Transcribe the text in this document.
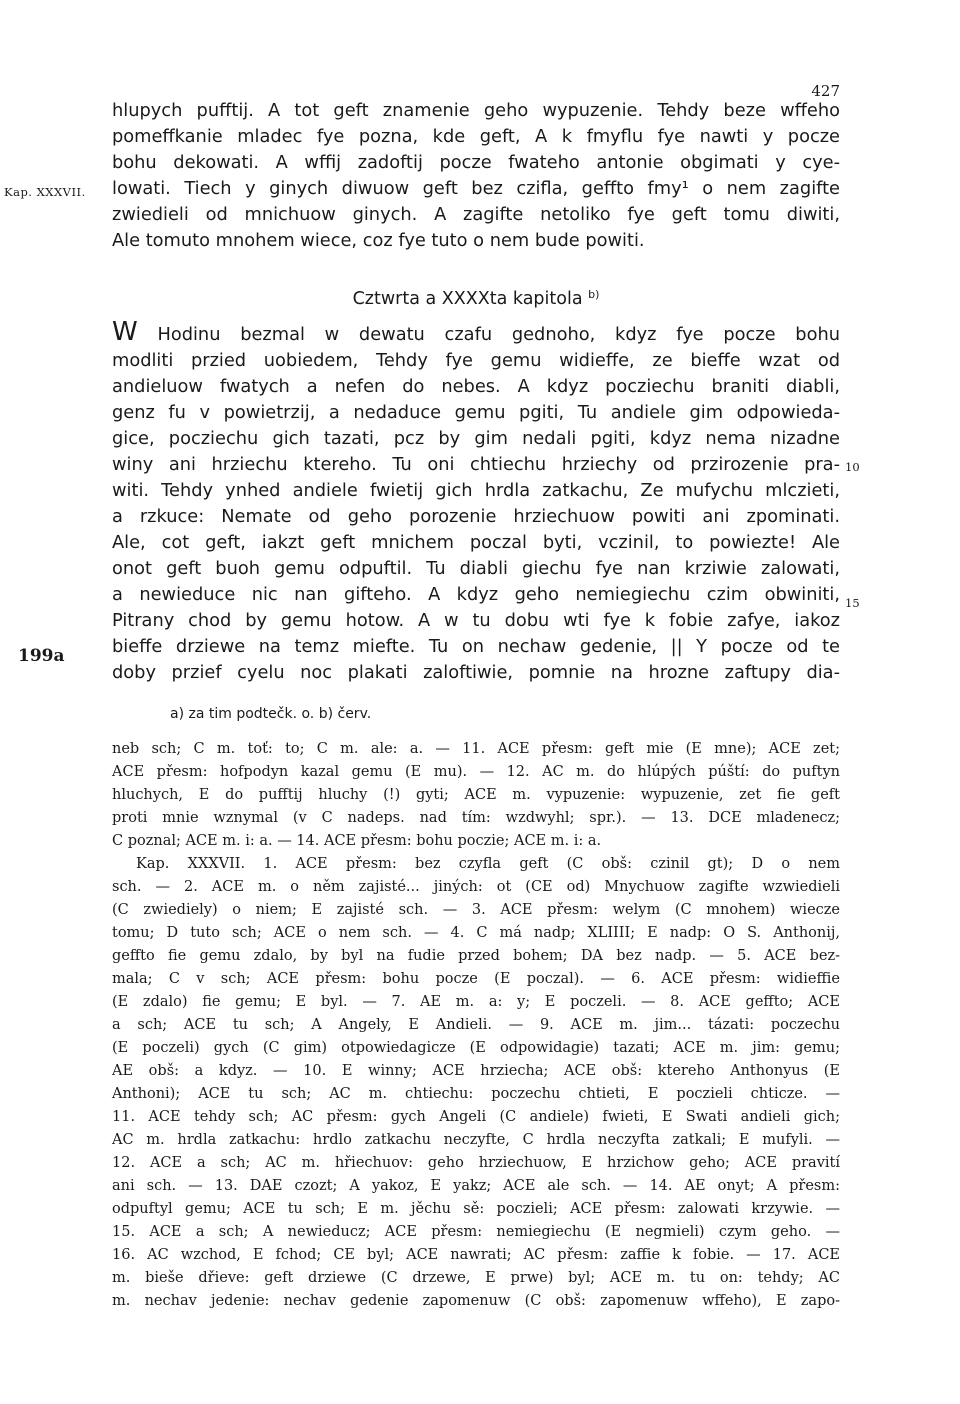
427
Kap. XXXVII.
10
15
199a
hlupych pufftij. A tot geft znamenie geho wypuzenie. Tehdy beze wffeho
pomeffkanie mladec fye pozna, kde geft, A k fmyflu fye nawti y pocze
bohu dekowati. A wffij zadoftij pocze fwateho antonie obgimati y cye-
lowati. Tiech y ginych diwuow geft bez czifla, geffto fmy¹ o nem zagifte
zwiedieli od mnichuow ginych. A zagifte netoliko fye geft tomu diwiti,
Ale tomuto mnohem wiece, coz fye tuto o nem bude powiti.
Cztwrta a XXXXta kapitola $^{b)}$
W Hodinu bezmal w dewatu czafu gednoho, kdyz fye pocze bohu
modliti przied uobiedem, Tehdy fye gemu widieffe, ze bieffe wzat od
andieluow fwatych a nefen do nebes. A kdyz pocziechu braniti diabli,
genz fu v powietrzij, a nedaduce gemu pgiti, Tu andiele gim odpowieda-
gice, pocziechu gich tazati, pcz by gim nedali pgiti, kdyz nema nizadne
winy ani hrziechu ktereho. Tu oni chtiechu hrziechy od przirozenie pra-
witi. Tehdy ynhed andiele fwietij gich hrdla zatkachu, Ze mufychu mlczieti,
a rzkuce: Nemate od geho porozenie hrziechuow powiti ani zpominati.
Ale, cot geft, iakzt geft mnichem poczal byti, vczinil, to powiezte! Ale
onot geft buoh gemu odpuftil. Tu diabli giechu fye nan krziwie zalowati,
a newieduce nic nan gifteho. A kdyz geho nemiegiechu czim obwiniti,
Pitrany chod by gemu hotow. A w tu dobu wti fye k fobie zafye, iakoz
bieffe drziewe na temz miefte. Tu on nechaw gedenie, || Y pocze od te
doby przief cyelu noc plakati zaloftiwie, pomnie na hrozne zaftupy dia-
a) za tim podtečk. o. b) červ.
neb sch; C m. toť: to; C m. ale: a. — 11. ACE přesm: geft mie (E mne); ACE zet;
ACE přesm: hofpodyn kazal gemu (E mu). — 12. AC m. do hlúpých púští: do puftyn
hluchych, E do pufftij hluchy (!) gyti; ACE m. vypuzenie: wypuzenie, zet fie geft
proti mnie wznymal (v C nadeps. nad tím: wzdwyhl; spr.). — 13. DCE mladenecz;
C poznal; ACE m. i: a. — 14. ACE přesm: bohu poczie; ACE m. i: a.
Kap. XXXVII. 1. ACE přesm: bez czyfla geft (C obš: czinil gt); D o nem
sch. — 2. ACE m. o něm zajisté... jiných: ot (CE od) Mnychuow zagifte wzwiedieli
(C zwiediely) o niem; E zajisté sch. — 3. ACE přesm: welym (C mnohem) wiecze
tomu; D tuto sch; ACE o nem sch. — 4. C má nadp; XLIIII; E nadp: O S. Anthonij,
geffto fie gemu zdalo, by byl na fudie przed bohem; DA bez nadp. — 5. ACE bez-
mala; C v sch; ACE přesm: bohu pocze (E poczal). — 6. ACE přesm: widieffie
(E zdalo) fie gemu; E byl. — 7. AE m. a: y; E poczeli. — 8. ACE geffto; ACE
a sch; ACE tu sch; A Angely, E Andieli. — 9. ACE m. jim... tázati: poczechu
(E poczeli) gych (C gim) otpowiedagicze (E odpowidagie) tazati; ACE m. jim: gemu;
AE obš: a kdyz. — 10. E winny; ACE hrziecha; ACE obš: ktereho Anthonyus (E
Anthoni); ACE tu sch; AC m. chtiechu: poczechu chtieti, E poczieli chticze. —
11. ACE tehdy sch; AC přesm: gych Angeli (C andiele) fwieti, E Swati andieli gich;
AC m. hrdla zatkachu: hrdlo zatkachu neczyfte, C hrdla neczyfta zatkali; E mufyli. —
12. ACE a sch; AC m. hřiechuov: geho hrziechuow, E hrzichow geho; ACE pravití
ani sch. — 13. DAE czozt; A yakoz, E yakz; ACE ale sch. — 14. AE onyt; A přesm:
odpuftyl gemu; ACE tu sch; E m. jěchu sě: poczieli; ACE přesm: zalowati krzywie. —
15. ACE a sch; A newieducz; ACE přesm: nemiegiechu (E negmieli) czym geho. —
16. AC wzchod, E fchod; CE byl; ACE nawrati; AC přesm: zaffie k fobie. — 17. ACE
m. bieše dřieve: geft drziewe (C drzewe, E prwe) byl; ACE m. tu on: tehdy; AC
m. nechav jedenie: nechav gedenie zapomenuw (C obš: zapomenuw wffeho), E zapo-
